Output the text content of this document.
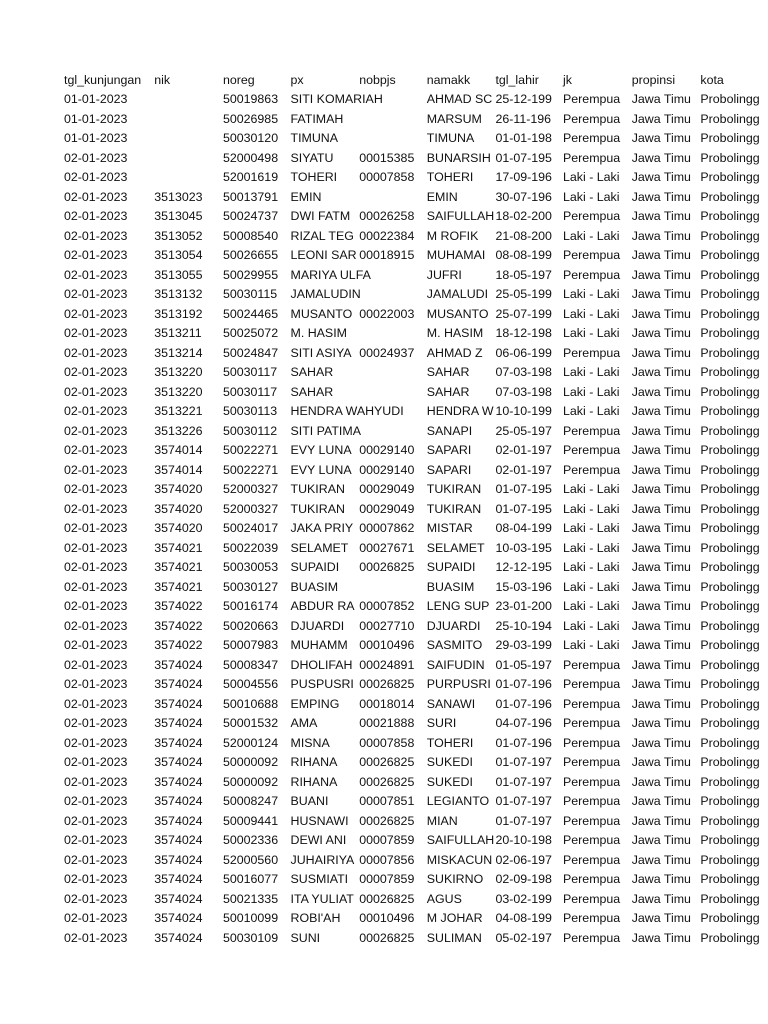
tgl_kunjungan	nik	noreg	px	nobpjs	namakk	tgl_lahir	jk	propinsi	kota
01-01-2023		50019863	SITI KOMARIAH		AHMAD SC	25-12-199	Perempua	Jawa Timu	Probolingg
01-01-2023		50026985	FATIMAH		MARSUM	26-11-196	Perempua	Jawa Timu	Probolingg
01-01-2023		50030120	TIMUNA		TIMUNA	01-01-198	Perempua	Jawa Timu	Probolingg
02-01-2023		52000498	SIYATU	00015385	BUNARSIH	01-07-195	Perempua	Jawa Timu	Probolingg
02-01-2023		52001619	TOHERI	00007858	TOHERI	17-09-196	Laki - Laki	Jawa Timu	Probolingg
02-01-2023	3513023	50013791	EMIN		EMIN	30-07-196	Laki - Laki	Jawa Timu	Probolingg
02-01-2023	3513045	50024737	DWI FATM	00026258	SAIFULLAH	18-02-200	Perempua	Jawa Timu	Probolingg
02-01-2023	3513052	50008540	RIZAL TEG	00022384	M ROFIK	21-08-200	Laki - Laki	Jawa Timu	Probolingg
02-01-2023	3513054	50026655	LEONI SAR	00018915	MUHAMAI	08-08-199	Perempua	Jawa Timu	Probolingg
02-01-2023	3513055	50029955	MARIYA ULFA		JUFRI	18-05-197	Perempua	Jawa Timu	Probolingg
02-01-2023	3513132	50030115	JAMALUDIN		JAMALUDI	25-05-199	Laki - Laki	Jawa Timu	Probolingg
02-01-2023	3513192	50024465	MUSANTO	00022003	MUSANTO	25-07-199	Laki - Laki	Jawa Timu	Probolingg
02-01-2023	3513211	50025072	M. HASIM		M. HASIM	18-12-198	Laki - Laki	Jawa Timu	Probolingg
02-01-2023	3513214	50024847	SITI ASIYA	00024937	AHMAD Z	06-06-199	Perempua	Jawa Timu	Probolingg
02-01-2023	3513220	50030117	SAHAR		SAHAR	07-03-198	Laki - Laki	Jawa Timu	Probolingg
02-01-2023	3513220	50030117	SAHAR		SAHAR	07-03-198	Laki - Laki	Jawa Timu	Probolingg
02-01-2023	3513221	50030113	HENDRA WAHYUDI		HENDRA W	10-10-199	Laki - Laki	Jawa Timu	Probolingg
02-01-2023	3513226	50030112	SITI PATIMA		SANAPI	25-05-197	Perempua	Jawa Timu	Probolingg
02-01-2023	3574014	50022271	EVY LUNA	00029140	SAPARI	02-01-197	Perempua	Jawa Timu	Probolingg
02-01-2023	3574014	50022271	EVY LUNA	00029140	SAPARI	02-01-197	Perempua	Jawa Timu	Probolingg
02-01-2023	3574020	52000327	TUKIRAN	00029049	TUKIRAN	01-07-195	Laki - Laki	Jawa Timu	Probolingg
02-01-2023	3574020	52000327	TUKIRAN	00029049	TUKIRAN	01-07-195	Laki - Laki	Jawa Timu	Probolingg
02-01-2023	3574020	50024017	JAKA PRIY	00007862	MISTAR	08-04-199	Laki - Laki	Jawa Timu	Probolingg
02-01-2023	3574021	50022039	SELAMET	00027671	SELAMET	10-03-195	Laki - Laki	Jawa Timu	Probolingg
02-01-2023	3574021	50030053	SUPAIDI	00026825	SUPAIDI	12-12-195	Laki - Laki	Jawa Timu	Probolingg
02-01-2023	3574021	50030127	BUASIM		BUASIM	15-03-196	Laki - Laki	Jawa Timu	Probolingg
02-01-2023	3574022	50016174	ABDUR RA	00007852	LENG SUP	23-01-200	Laki - Laki	Jawa Timu	Probolingg
02-01-2023	3574022	50020663	DJUARDI	00027710	DJUARDI	25-10-194	Laki - Laki	Jawa Timu	Probolingg
02-01-2023	3574022	50007983	MUHAMM	00010496	SASMITO	29-03-199	Laki - Laki	Jawa Timu	Probolingg
02-01-2023	3574024	50008347	DHOLIFAH	00024891	SAIFUDIN	01-05-197	Perempua	Jawa Timu	Probolingg
02-01-2023	3574024	50004556	PUSPUSRI	00026825	PURPUSRI	01-07-196	Perempua	Jawa Timu	Probolingg
02-01-2023	3574024	50010688	EMPING	00018014	SANAWI	01-07-196	Perempua	Jawa Timu	Probolingg
02-01-2023	3574024	50001532	AMA	00021888	SURI	04-07-196	Perempua	Jawa Timu	Probolingg
02-01-2023	3574024	52000124	MISNA	00007858	TOHERI	01-07-196	Perempua	Jawa Timu	Probolingg
02-01-2023	3574024	50000092	RIHANA	00026825	SUKEDI	01-07-197	Perempua	Jawa Timu	Probolingg
02-01-2023	3574024	50000092	RIHANA	00026825	SUKEDI	01-07-197	Perempua	Jawa Timu	Probolingg
02-01-2023	3574024	50008247	BUANI	00007851	LEGIANTO	01-07-197	Perempua	Jawa Timu	Probolingg
02-01-2023	3574024	50009441	HUSNAWI	00026825	MIAN	01-07-197	Perempua	Jawa Timu	Probolingg
02-01-2023	3574024	50002336	DEWI ANI	00007859	SAIFULLAH	20-10-198	Perempua	Jawa Timu	Probolingg
02-01-2023	3574024	52000560	JUHAIRIYA	00007856	MISKACUN	02-06-197	Perempua	Jawa Timu	Probolingg
02-01-2023	3574024	50016077	SUSMIATI	00007859	SUKIRNO	02-09-198	Perempua	Jawa Timu	Probolingg
02-01-2023	3574024	50021335	ITA YULIAT	00026825	AGUS	03-02-199	Perempua	Jawa Timu	Probolingg
02-01-2023	3574024	50010099	ROBI'AH	00010496	M JOHAR	04-08-199	Perempua	Jawa Timu	Probolingg
02-01-2023	3574024	50030109	SUNI	00026825	SULIMAN	05-02-197	Perempua	Jawa Timu	Probolingg
